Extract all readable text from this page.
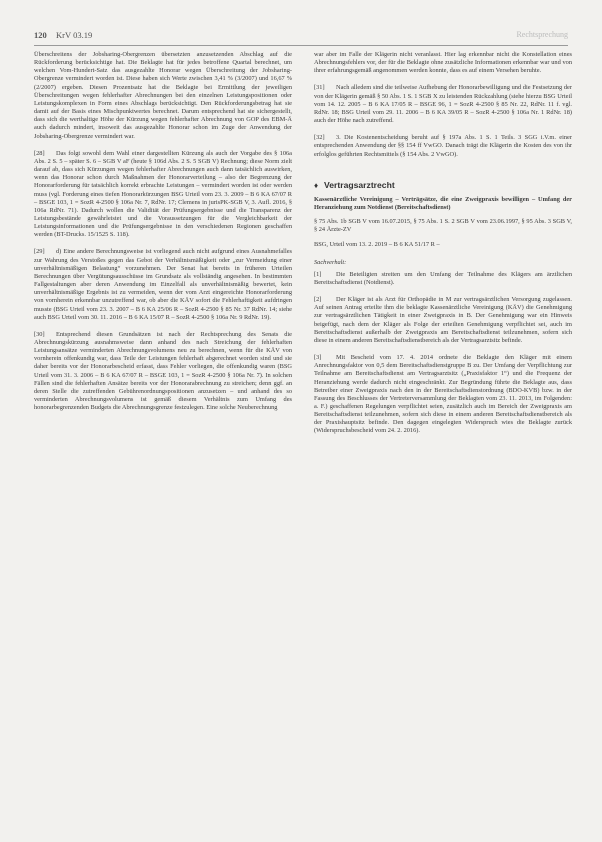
120 KrV 03.19	Rechtsprechung

Überschreitens der Jobsharing-Obergrenzen übersetzten anzusetzenden Abschlag auf die Rückforderung berücksichtige hat. Die Beklagte hat für jedes betroffene Quartal berechnet, um welchen Vom-Hundert-Satz das ausgezahlte Honorar wegen Überschreitung der Jobsharing-Obergrenze vermindert worden ist. Diese haben sich Werte zwischen 3,41 % (3/2007) und 16,67 % (2/2007) ergeben. Diesen Prozentsatz hat die Beklagte bei Ermittlung der jeweiligen Überschreitungen wegen fehlerhafter Abrechnungen bei den einzelnen Leistungspositionen oder Leistungskomplexen in Form eines Abschlags berücksichtigt. Den Rückforderungsbetrag hat sie damit auf der Basis eines Mischpunktwertes berechnet. Darum entsprechend hat sie sichergestellt, dass sich die werthaltige Höhe der Kürzung wegen fehlerhafter Abrechnung von GOP des EBM-Ä auch dadurch mindert, insoweit das ausgezahlte Honorar schon im Zuge der Anwendung der Jobsharing-Obergrenze vermindert war.

[28] Das folgt sowohl dem Wahl einer dargestellten Kürzung als auch der Vorgabe des § 106a Abs. 2 S. 5 – später S. 6 – SGB V aF (heute § 106d Abs. 2 S. 5 SGB V) Rechnung; diese Norm zielt darauf ab, dass sich Kürzungen wegen fehlerhafter Abrechnungen auch dann tatsächlich auswirken, wenn das Honorar schon durch Maßnahmen der Honorarverteilung – also der Begrenzung der Honorarforderung für tatsächlich korrekt erbrachte Leistungen – vermindert worden ist oder werden muss (vgl. Forderung eines tiefen Honorarkürzungen BSG Urteil vom 23. 3. 2009 – B 6 KA 67/07 R – BSGE 103, 1 = SozR 4-2500 § 106a Nr. 7, RdNr. 17; Clemens in jurisPK-SGB V, 3. Aufl. 2016, § 106a RdNr. 71). Dadurch wollen die Validität der Prüfungsergebnisse und die Transparenz der Leistungsbestände gewährleistet und die Voraussetzungen für die Vergleichbarkeit der Leistungsinformationen und die Prüfungsergebnisse in den verschiedenen Regionen geschaffen werden (BT-Drucks. 15/1525 S. 118).

[29] d) Eine andere Berechnungsweise ist vorliegend auch nicht aufgrund eines Ausnahmefalles zur Wahrung des Verstoßes gegen das Gebot der Verhältnismäßigkeit oder „zur Vermeidung einer unverhältnismäßigen Belastung“ vorzunehmen. Der Senat hat bereits in früheren Urteilen Berechnungen über Vergütungsausschüsse im Grundsatz als vollständig angesehen. In bestimmten Fallgestaltungen aber deren Anwendung im Einzelfall als unverhältnismäßig bewertet, kein unverhältnismäßige Ergebnis ist zu vermeiden, wenn der vom Arzt eingereichte Honorarforderung von vornherein erkennbar unzutreffend war, ob aber die KÄV sofort die Fehlerhaftigkeit aufdringen musste (BSG Urteil vom 23. 3. 2007 – B 6 KA 25/06 R – SozR 4-2500 § 85 Nr. 37 RdNr. 14; siehe auch BSG Urteil vom 30. 11. 2016 – B 6 KA 15/07 R – SozR 4-2500 § 106a Nr. 9 RdNr. 19).

[30] Entsprechend diesen Grundsätzen ist nach der Rechtsprechung des Senats die Abrechnungskürzung ausnahmsweise dann anhand des nach Streichung der fehlerhaften Leistungsansätze verminderten Abrechnungsvolumens neu zu berechnen, wenn für die KÄV von vornherein offenkundig war, dass Teile der Leistungen fehlerhaft abgerechnet worden sind und sie daher bereits vor der Honorarbescheid erfasst, dass Fehler vorliegen, die offenkundig waren (BSG Urteil vom 31. 3. 2006 – B 6 KA 67/07 R – BSGE 103, 1 = SozR 4-2500 § 106a Nr. 7). In solchen Fällen sind die fehlerhaften Ansätze bereits vor der Honorarabrechnung zu streichen; denn ggf. an deren Stelle die zutreffenden Gebührenordnungspositionen anzusetzen – und anhand des so verminderten Abrechnungsvolumens ist gemäß diesem Verhältnis zum Umfang des honorarbegrenzenden Budgets die Abrechnungsgrenze festzulegen. Eine solche Neuberechnung

war aber im Falle der Klägerin nicht veranlasst. Hier lag erkennbar nicht die Konstellation eines Abrechnungsfehlers vor, der für die Beklagte ohne zusätzliche Informationen erkennbar war und von ihrer erfahrungsgemäß angenommen werden konnte, dass es auf einem Versehen beruhte.

[31] Nach alledem sind die teilweise Aufhebung der Honorarbewilligung und die Festsetzung der von der Klägerin gemäß § 50 Abs. 1 S. 1 SGB X zu leistenden Rückzahlung (siehe hierzu BSG Urteil vom 14. 12. 2005 – B 6 KA 17/05 R – BSGE 96, 1 = SozR 4-2500 § 85 Nr. 22, RdNr. 11 f. vgl. RdNr. 18; BSG Urteil vom 29. 11. 2006 – B 6 KA 39/05 R – SozR 4-2500 § 106a Nr. 1 RdNr. 18) auch der Höhe nach zutreffend.

[32] 3. Die Kostenentscheidung beruht auf § 197a Abs. 1 S. 1 Teils. 3 SGG i.V.m. einer entsprechenden Anwendung der §§ 154 ff VwGO. Danach trägt die Klägerin die Kosten des von ihr erfolglos geführten Rechtsmittels (§ 154 Abs. 2 VwGO).

♦ Vertragsarztrecht
Kassenärztliche Vereinigung – Verträgsätze, die eine Zweigpraxis bewilligen – Umfang der Heranziehung zum Notdienst (Bereitschaftsdienst)
§ 75 Abs. 1b SGB V vom 16.07.2015, § 75 Abs. 1 S. 2 SGB V vom 23.06.1997, § 95 Abs. 3 SGB V, § 24 Ärzte-ZV
BSG, Urteil vom 13. 2. 2019 – B 6 KA 51/17 R –
Sachverhalt:

[1] Die Beteiligten streiten um den Umfang der Teilnahme des Klägers am ärztlichen Bereitschaftsdienst (Notdienst).

[2] Der Kläger ist als Arzt für Orthopädie in M zur vertragsärztlichen Versorgung zugelassen. Auf seinen Antrag erteilte ihm die beklagte Kassenärztliche Vereinigung (KÄV) die Genehmigung zur vertragsärztlichen Tätigkeit in einer Zweigpraxis in B. Der Genehmigung war ein Hinweis beigefügt, nach dem der Kläger als Folge der erteilten Genehmigung verpflichtet sei, auch im Bereitschaftsdienst außerhalb der Zweigpraxis am Bereitschaftsdienst teilzunehmen, sofern sich diese in einem anderen Bereitschaftsdienstbereich als der Vertragsarztsitz befinde.

[3] Mit Bescheid vom 17. 4. 2014 ordnete die Beklagte den Kläger mit einem Anrechnungsfaktor von 0,5 dem Bereitschaftsdienstgruppe B zu. Der Umfang der Verpflichtung zur Teilnahme am Bereitschaftsdienst am Vertragsarztsitz („Praxisfaktor 1“) und die Frequenz der Heranziehung werde dadurch nicht eingeschränkt. Zur Begründung führte die Beklagte aus, dass Betreiber einer Zweigpraxis nach den in der Bereitschaftsdienstordnung (BDO-KVB) bzw. in der Fassung des Beschlusses der Vertreterversammlung der Beklagten vom 23. 11. 2013, im Folgenden: a. F.) geschaffenen Regelungen verpflichtet seien, zusätzlich auch im Bereich der Zweigpraxis am Bereitschaftsdienst teilzunehmen, sofern sich diese in einem anderen Bereitschaftsdienstbereich als der Praxishauptsitz befinde. Den dagegen eingelegten Widerspruch wies die Beklagte zurück (Widerspruchsbescheid vom 24. 2. 2016).
